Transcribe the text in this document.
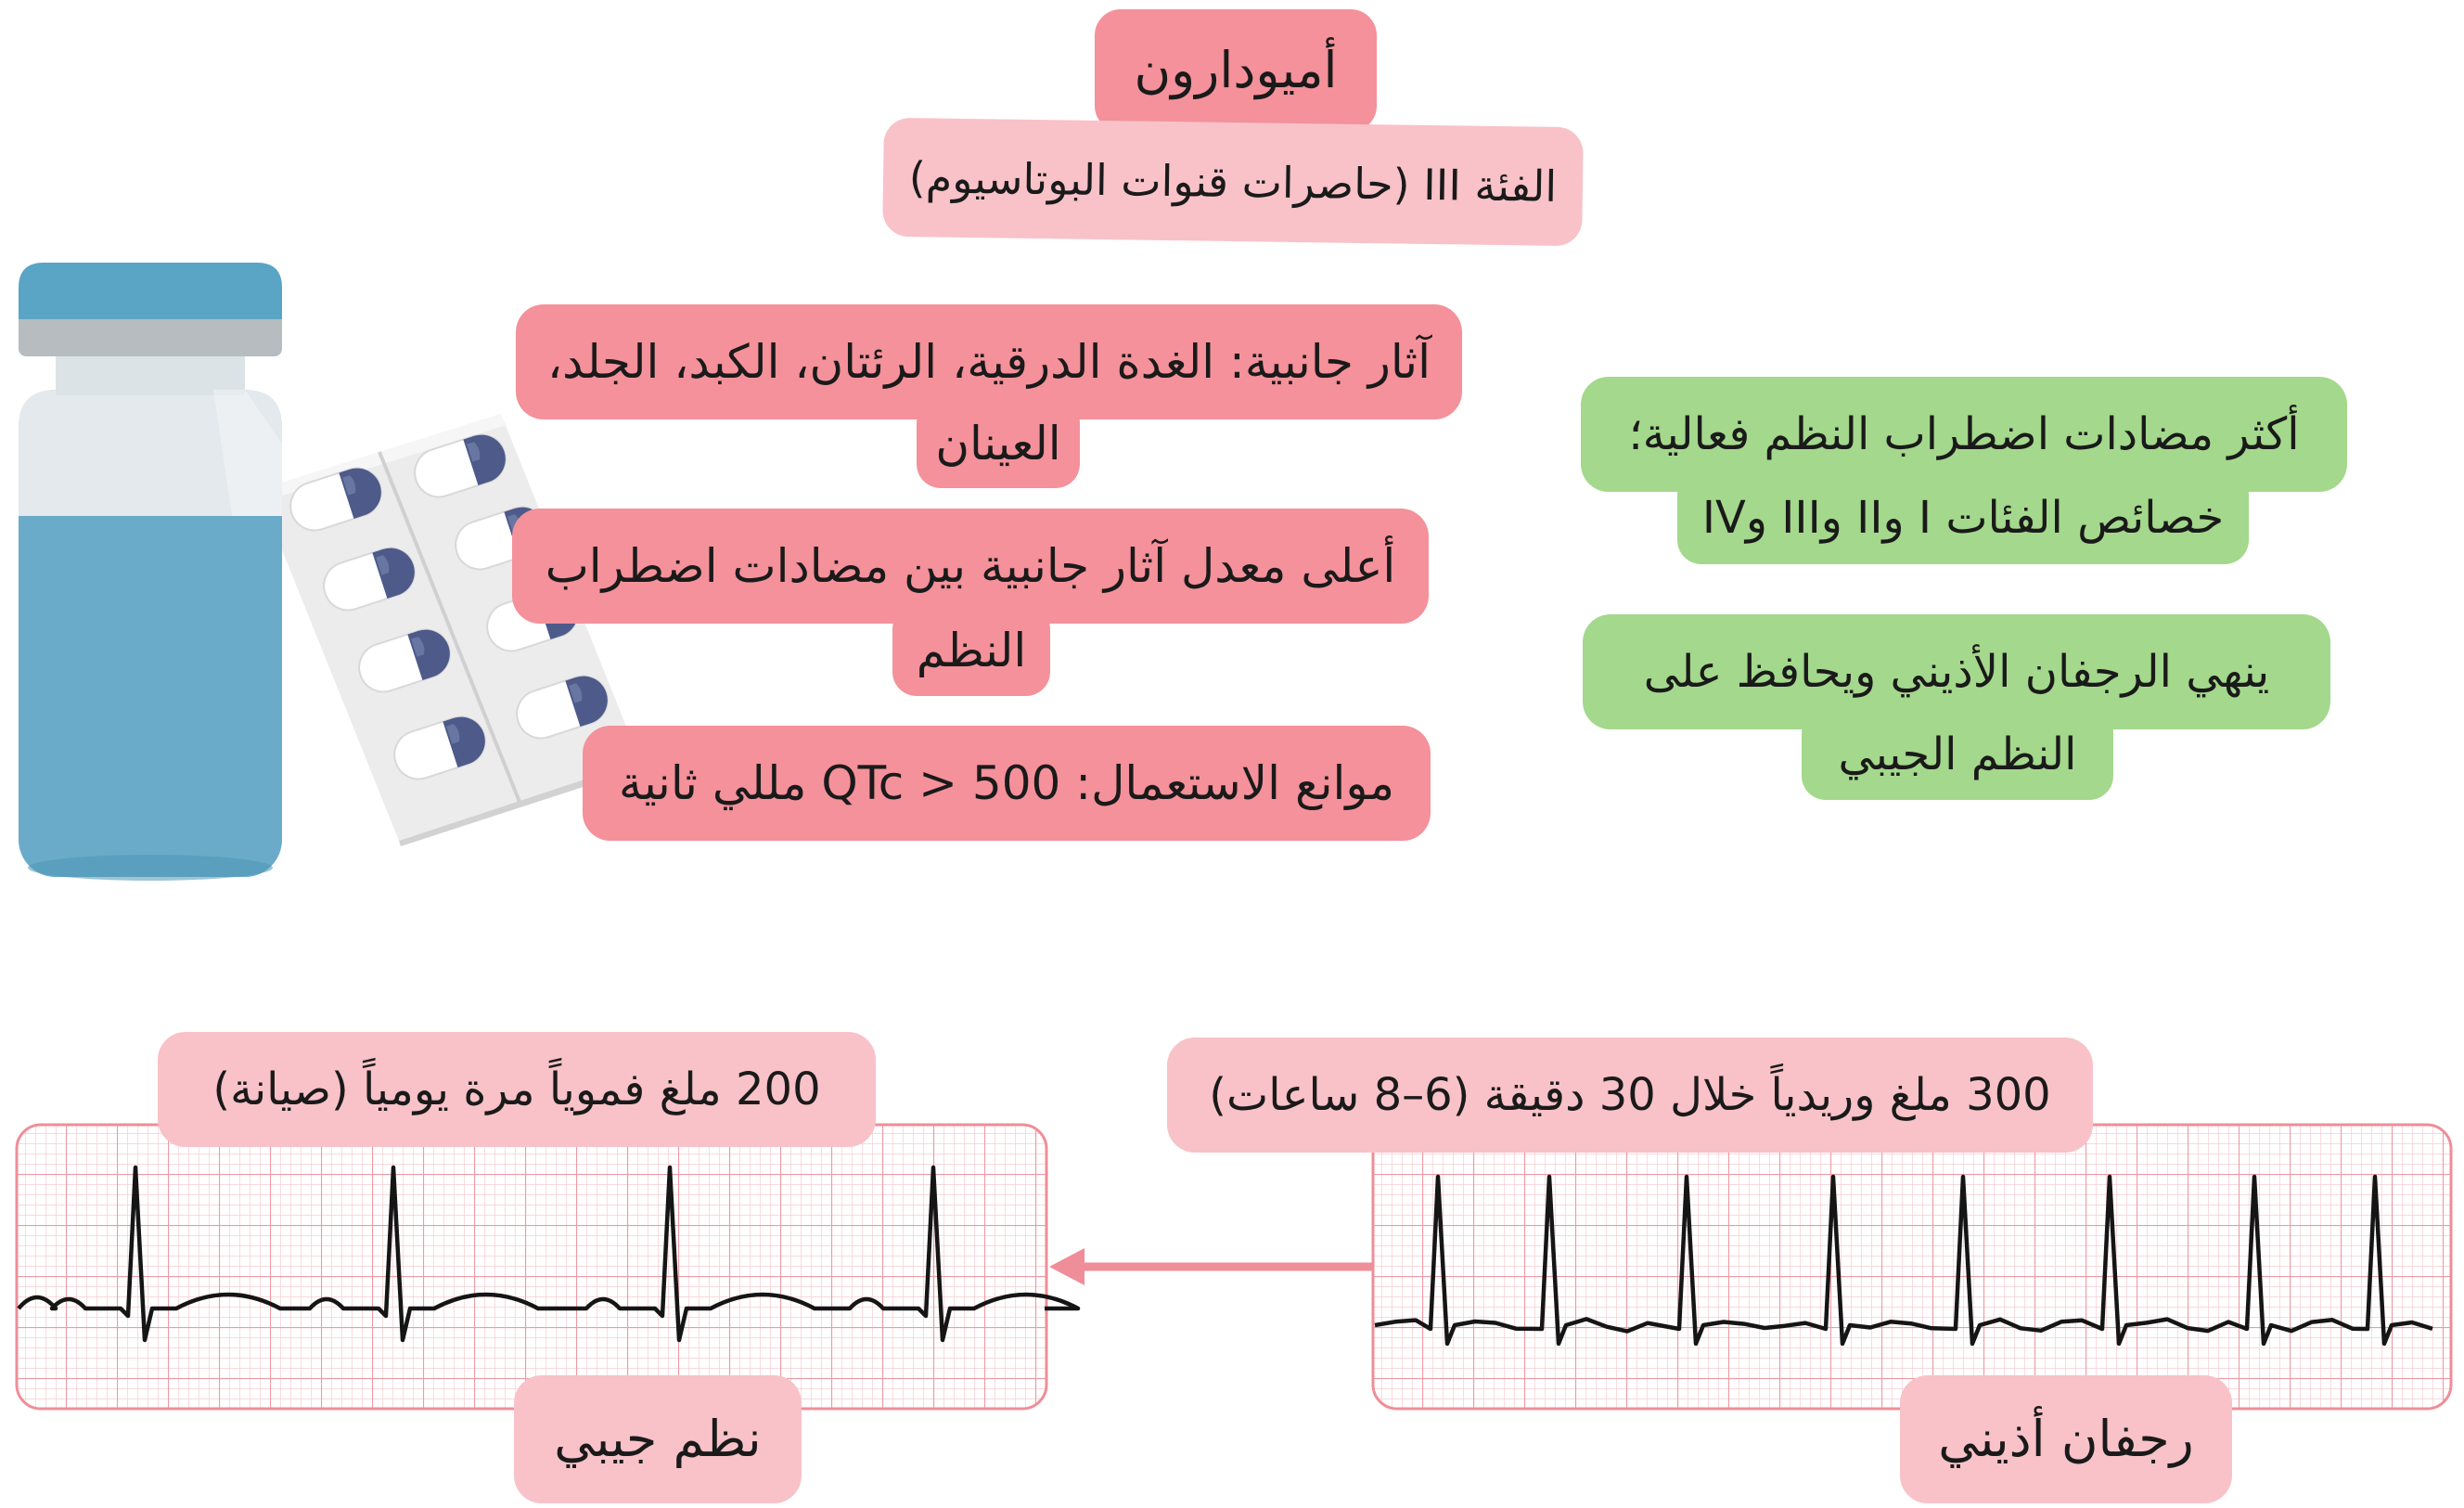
أميودارون
الفئة III (حاصرات قنوات البوتاسيوم)
آثار جانبية: الغدة الدرقية، الرئتان، الكبد، الجلد،
العينان
أعلى معدل آثار جانبية بين مضادات اضطراب
النظم
موانع الاستعمال: QTc > 500 مللي ثانية
أكثر مضادات اضطراب النظم فعالية؛
خصائص الفئات I وII وIII وIV
ينهي الرجفان الأذيني ويحافظ على
النظم الجيبي
300 ملغ وريدياً خلال 30 دقيقة (6–8 ساعات)
200 ملغ فموياً مرة يومياً (صيانة)
رجفان أذيني
نظم جيبي
